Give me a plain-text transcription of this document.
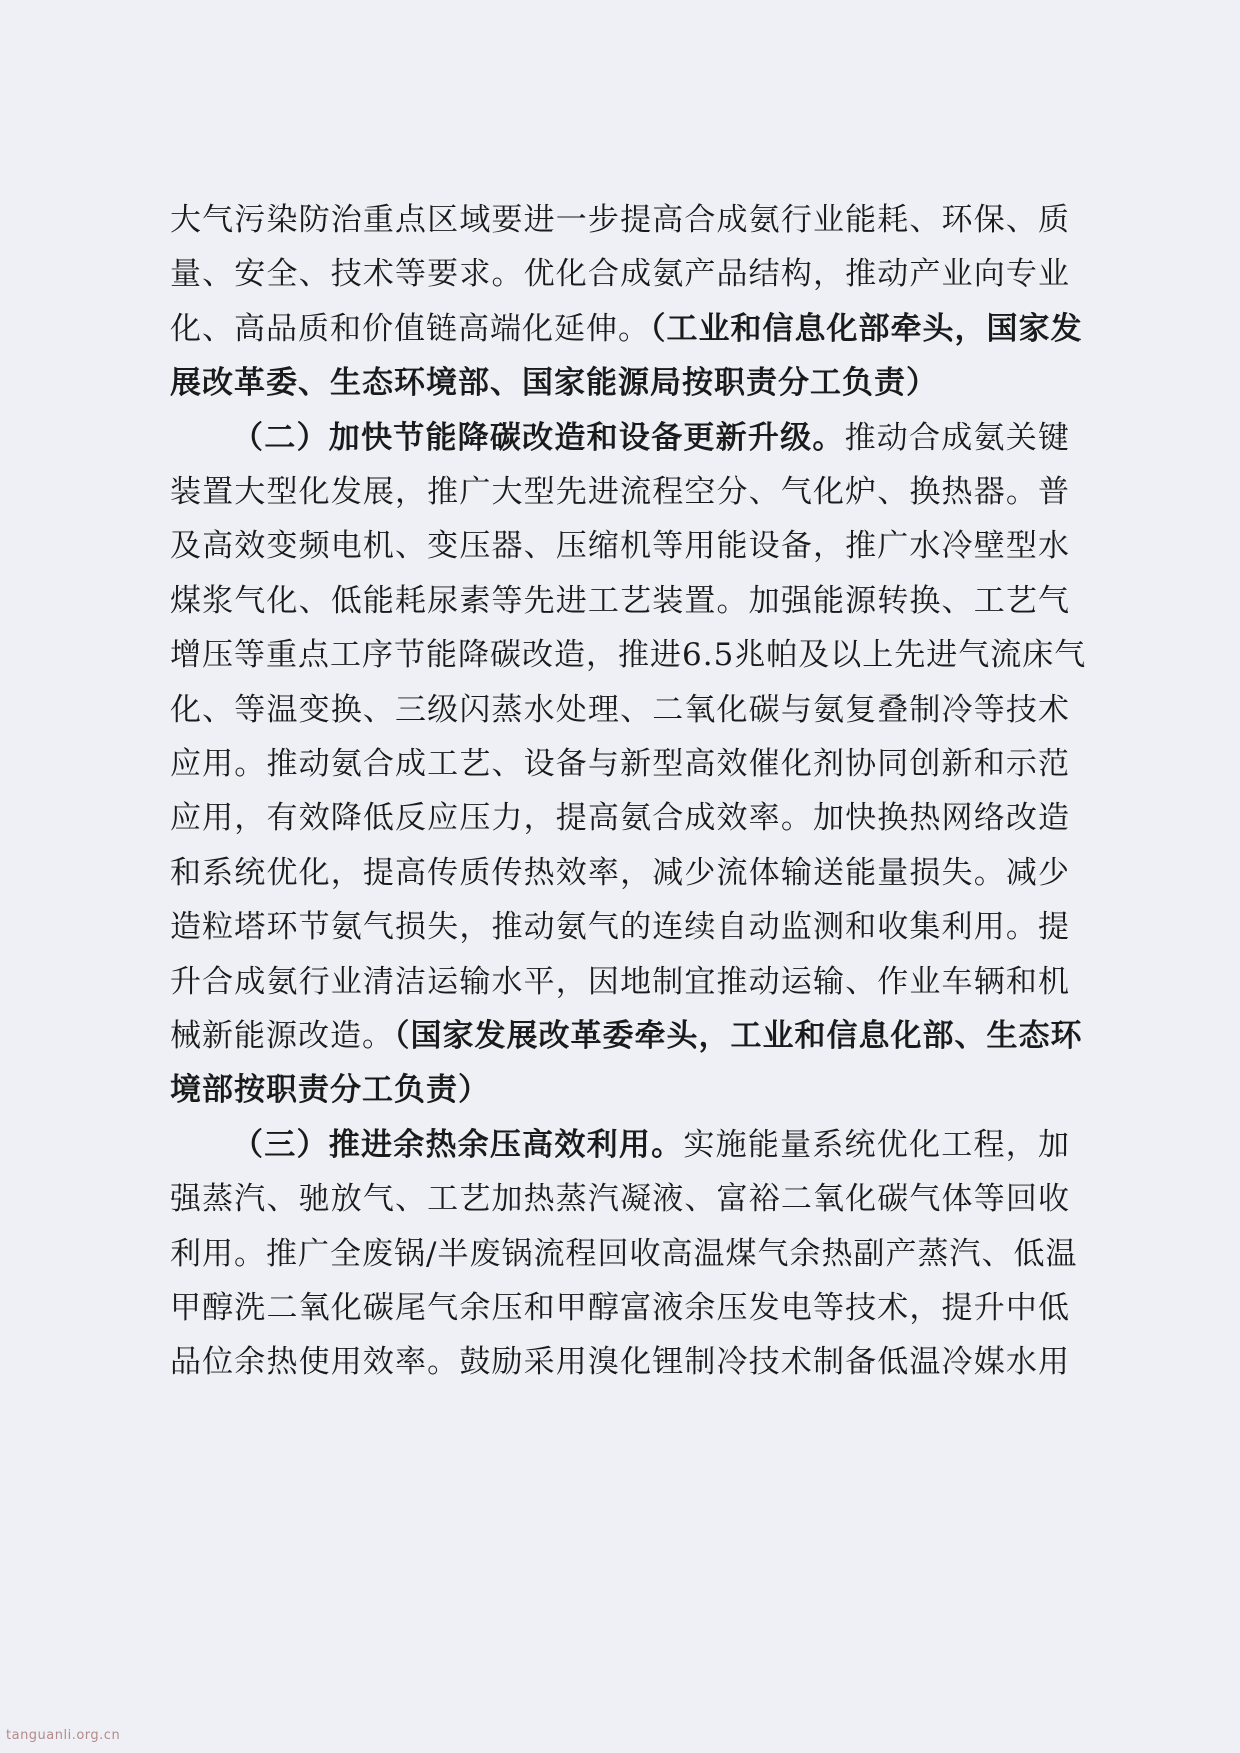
大气污染防治重点区域要进一步提高合成氨行业能耗、环保、质
量、安全、技术等要求。优化合成氨产品结构，推动产业向专业
化、高品质和价值链高端化延伸。（工业和信息化部牵头，国家发
展改革委、生态环境部、国家能源局按职责分工负责）
（二）加快节能降碳改造和设备更新升级。推动合成氨关键
装置大型化发展，推广大型先进流程空分、气化炉、换热器。普
及高效变频电机、变压器、压缩机等用能设备，推广水冷壁型水
煤浆气化、低能耗尿素等先进工艺装置。加强能源转换、工艺气
增压等重点工序节能降碳改造，推进6.5兆帕及以上先进气流床气
化、等温变换、三级闪蒸水处理、二氧化碳与氨复叠制冷等技术
应用。推动氨合成工艺、设备与新型高效催化剂协同创新和示范
应用，有效降低反应压力，提高氨合成效率。加快换热网络改造
和系统优化，提高传质传热效率，减少流体输送能量损失。减少
造粒塔环节氨气损失，推动氨气的连续自动监测和收集利用。提
升合成氨行业清洁运输水平，因地制宜推动运输、作业车辆和机
械新能源改造。（国家发展改革委牵头，工业和信息化部、生态环
境部按职责分工负责）
（三）推进余热余压高效利用。实施能量系统优化工程，加
强蒸汽、驰放气、工艺加热蒸汽凝液、富裕二氧化碳气体等回收
利用。推广全废锅/半废锅流程回收高温煤气余热副产蒸汽、低温
甲醇洗二氧化碳尾气余压和甲醇富液余压发电等技术，提升中低
品位余热使用效率。鼓励采用溴化锂制冷技术制备低温冷媒水用
tanguanli.org.cn
